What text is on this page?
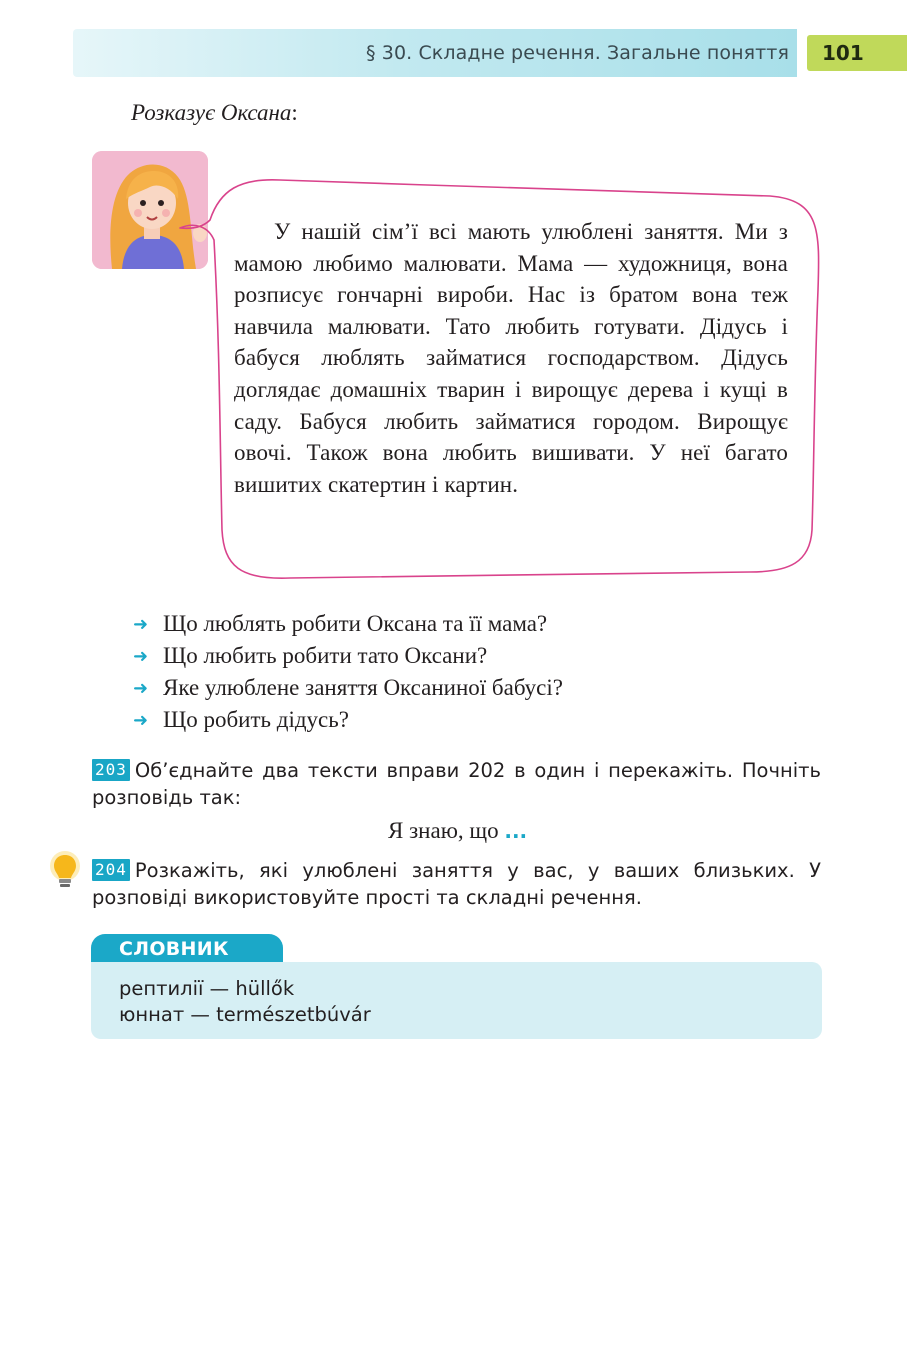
§ 30. Складне речення. Загальне поняття	101
Розказує Оксана:

У нашій сім’ї всі мають улюблені заняття. Ми з мамою любимо малювати. Мама — художниця, вона розписує гончарні вироби. Нас із братом вона теж навчила малювати. Тато любить готувати. Дідусь і бабуся люблять займатися господарством. Дідусь доглядає домашніх тварин і вирощує дерева і кущі в саду. Бабуся любить займатися городом. Вирощує овочі. Також вона любить вишивати. У неї багато вишитих скатертин і картин.

➜ Що люблять робити Оксана та її мама?
➜ Що любить робити тато Оксани?
➜ Яке улюблене заняття Оксаниної бабусі?
➜ Що робить дідусь?

203 Об’єднайте два тексти вправи 202 в один і перекажіть. Почніть розповідь так:

Я знаю, що ...

204 Розкажіть, які улюблені заняття у вас, у ваших близьких. У розповіді використовуйте прості та складні речення.

СЛОВНИК
рептилії — hüllők
юннат — természetbúvár
